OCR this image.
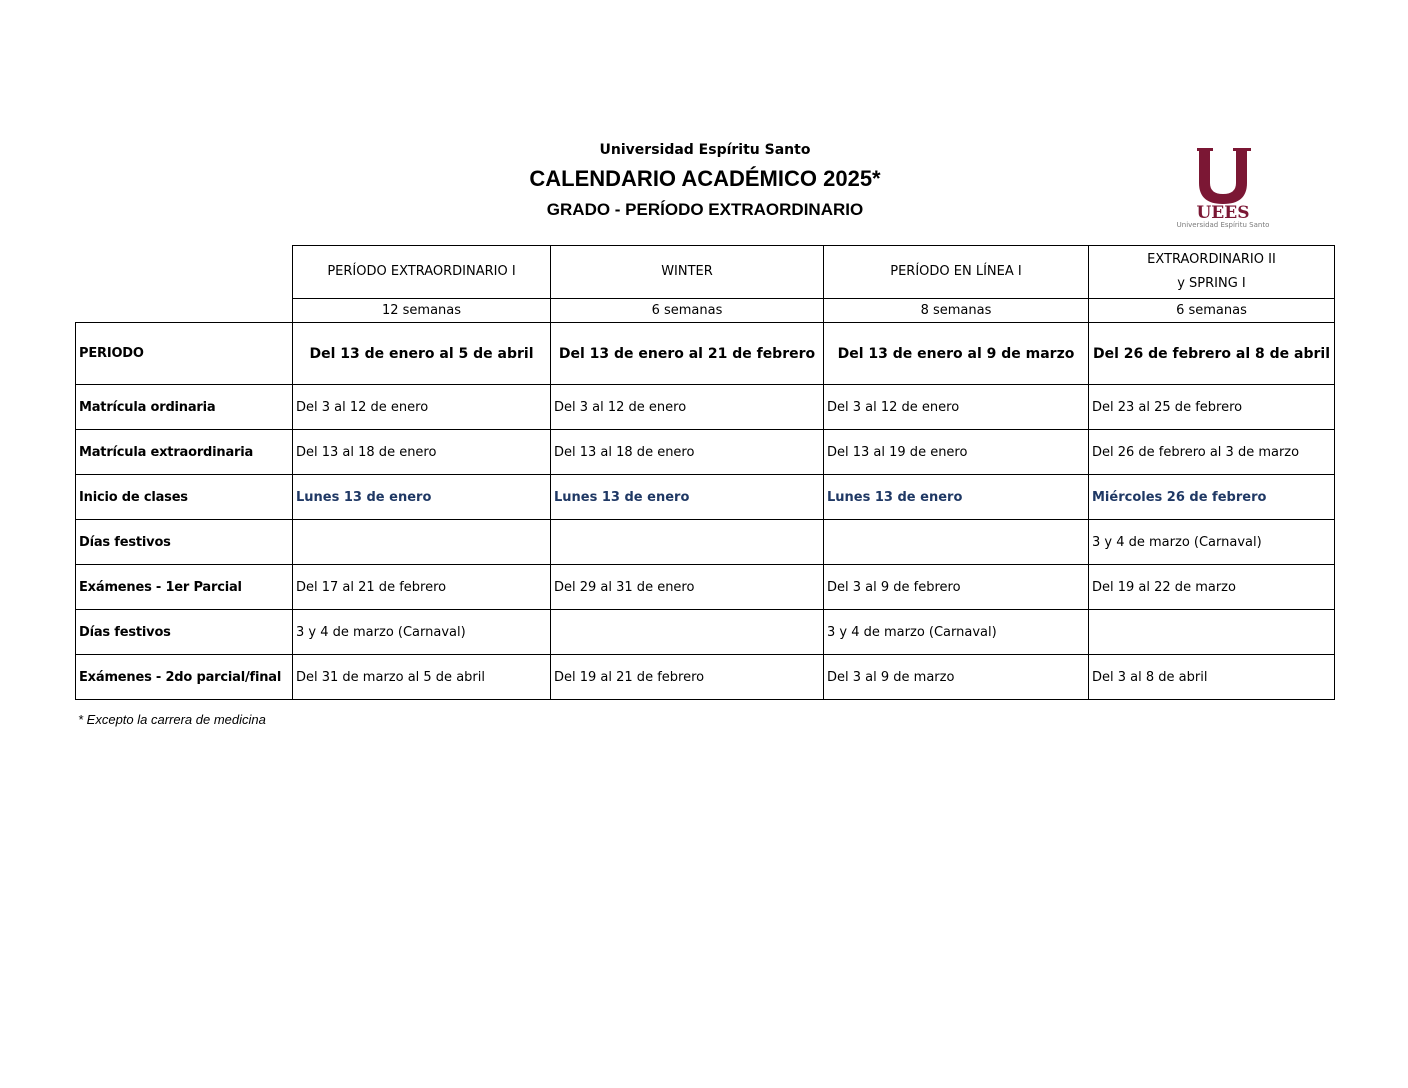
Universidad Espíritu Santo
CALENDARIO ACADÉMICO 2025*
GRADO - PERÍODO EXTRAORDINARIO	UEES
Universidad Espíritu Santo
	PERÍODO EXTRAORDINARIO I	WINTER	PERÍODO EN LÍNEA I	EXTRAORDINARIO II
y SPRING I
	12 semanas	6 semanas	8 semanas	6 semanas
PERIODO	Del 13 de enero al 5 de abril	Del 13 de enero al 21 de febrero	Del 13 de enero al 9 de marzo	Del 26 de febrero al 8 de abril
Matrícula ordinaria	Del 3 al 12 de enero	Del 3 al 12 de enero	Del 3 al 12 de enero	Del 23 al 25 de febrero
Matrícula extraordinaria	Del 13 al 18 de enero	Del 13 al 18 de enero	Del 13 al 19 de enero	Del 26 de febrero al 3 de marzo
Inicio de clases	Lunes 13 de enero	Lunes 13 de enero	Lunes 13 de enero	Miércoles 26 de febrero
Días festivos				3 y 4 de marzo (Carnaval)
Exámenes - 1er Parcial	Del 17 al 21 de febrero	Del 29 al 31 de enero	Del 3 al 9 de febrero	Del 19 al 22 de marzo
Días festivos	3 y 4 de marzo (Carnaval)		3 y 4 de marzo (Carnaval)	
Exámenes - 2do parcial/final	Del 31 de marzo al 5 de abril	Del 19 al 21 de febrero	Del 3 al 9 de marzo	Del 3 al 8 de abril
* Excepto la carrera de medicina
